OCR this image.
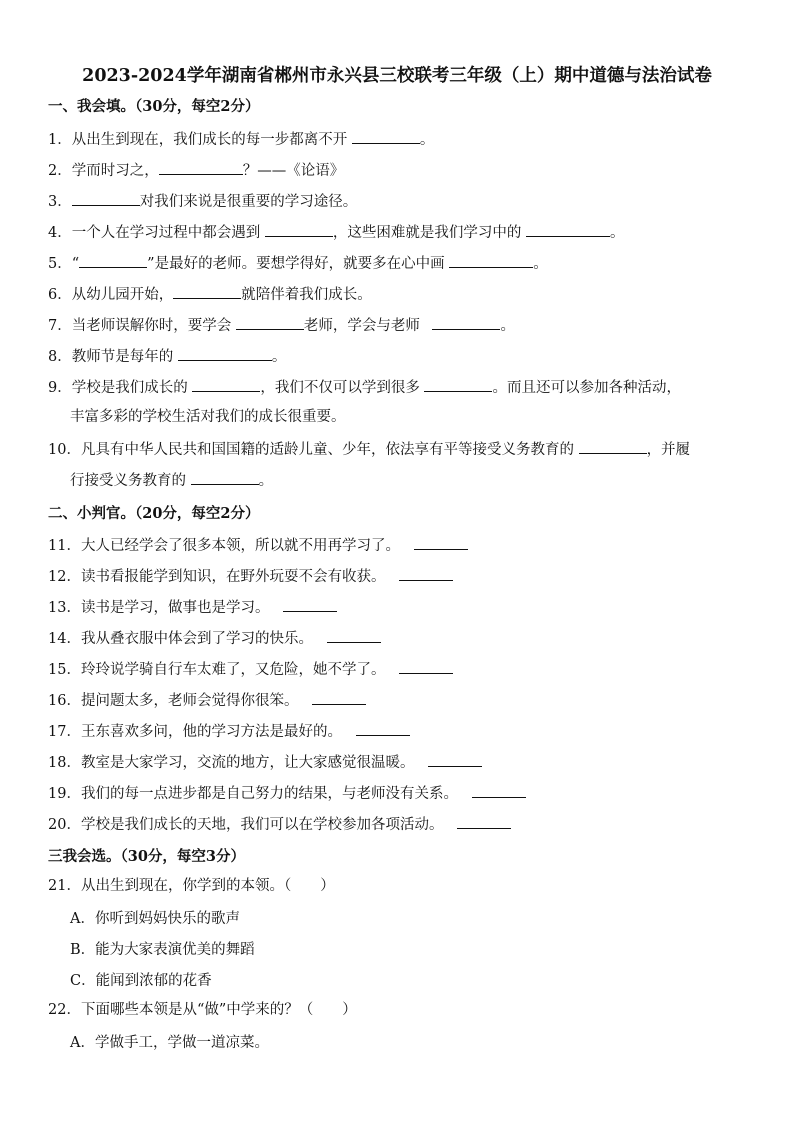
2023-2024学年湖南省郴州市永兴县三校联考三年级（上）期中道德与法治试卷
一、我会填。（30分，每空2分）
1．从出生到现在，我们成长的每一步都离不开	。
2．学而时习之，	？——《论语》
3．	对我们来说是很重要的学习途径。
4．一个人在学习过程中都会遇到	，这些困难就是我们学习中的	。
5．“	”是最好的老师。要想学得好，就要多在心中画	。
6．从幼儿园开始，	就陪伴着我们成长。
7．当老师误解你时，要学会	老师，学会与老师	。
8．教师节是每年的	。
9．学校是我们成长的	，我们不仅可以学到很多	。而且还可以参加各种活动，
丰富多彩的学校生活对我们的成长很重要。
10．凡具有中华人民共和国国籍的适龄儿童、少年，依法享有平等接受义务教育的	，并履
行接受义务教育的	。
二、小判官。（20分，每空2分）
11．大人已经学会了很多本领，所以就不用再学习了。
12．读书看报能学到知识，在野外玩耍不会有收获。
13．读书是学习，做事也是学习。
14．我从叠衣服中体会到了学习的快乐。
15．玲玲说学骑自行车太难了，又危险，她不学了。
16．提问题太多，老师会觉得你很笨。
17．王东喜欢多问，他的学习方法是最好的。
18．教室是大家学习，交流的地方，让大家感觉很温暖。
19．我们的每一点进步都是自己努力的结果，与老师没有关系。
20．学校是我们成长的天地，我们可以在学校参加各项活动。
三我会选。（30分，每空3分）
21．从出生到现在，你学到的本领。（　　）
A．你听到妈妈快乐的歌声
B．能为大家表演优美的舞蹈
C．能闻到浓郁的花香
22．下面哪些本领是从“做”中学来的？（　　）
A．学做手工，学做一道凉菜。
